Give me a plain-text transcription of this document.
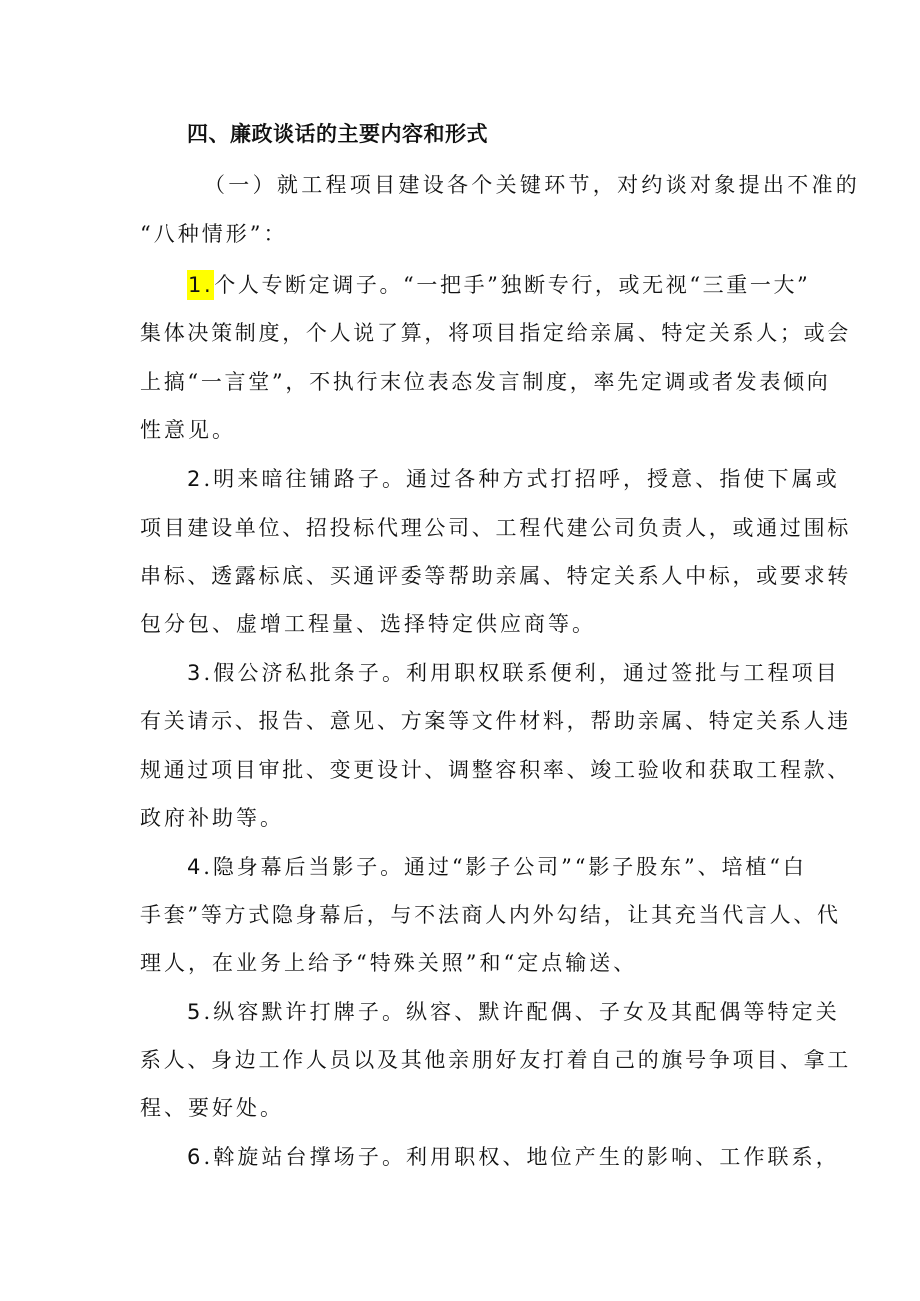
四、廉政谈话的主要内容和形式
（一）就工程项目建设各个关键环节，对约谈对象提出不准的
“八种情形”：
1.个人专断定调子。“一把手”独断专行，或无视“三重一大”
集体决策制度，个人说了算，将项目指定给亲属、特定关系人；或会
上搞“一言堂”，不执行末位表态发言制度，率先定调或者发表倾向
性意见。
2.明来暗往铺路子。通过各种方式打招呼，授意、指使下属或
项目建设单位、招投标代理公司、工程代建公司负责人，或通过围标
串标、透露标底、买通评委等帮助亲属、特定关系人中标，或要求转
包分包、虚增工程量、选择特定供应商等。
3.假公济私批条子。利用职权联系便利，通过签批与工程项目
有关请示、报告、意见、方案等文件材料，帮助亲属、特定关系人违
规通过项目审批、变更设计、调整容积率、竣工验收和获取工程款、
政府补助等。
4.隐身幕后当影子。通过“影子公司”“影子股东”、培植“白
手套”等方式隐身幕后，与不法商人内外勾结，让其充当代言人、代
理人，在业务上给予“特殊关照”和“定点输送、
5.纵容默许打牌子。纵容、默许配偶、子女及其配偶等特定关
系人、身边工作人员以及其他亲朋好友打着自己的旗号争项目、拿工
程、要好处。
6.斡旋站台撑场子。利用职权、地位产生的影响、工作联系，
